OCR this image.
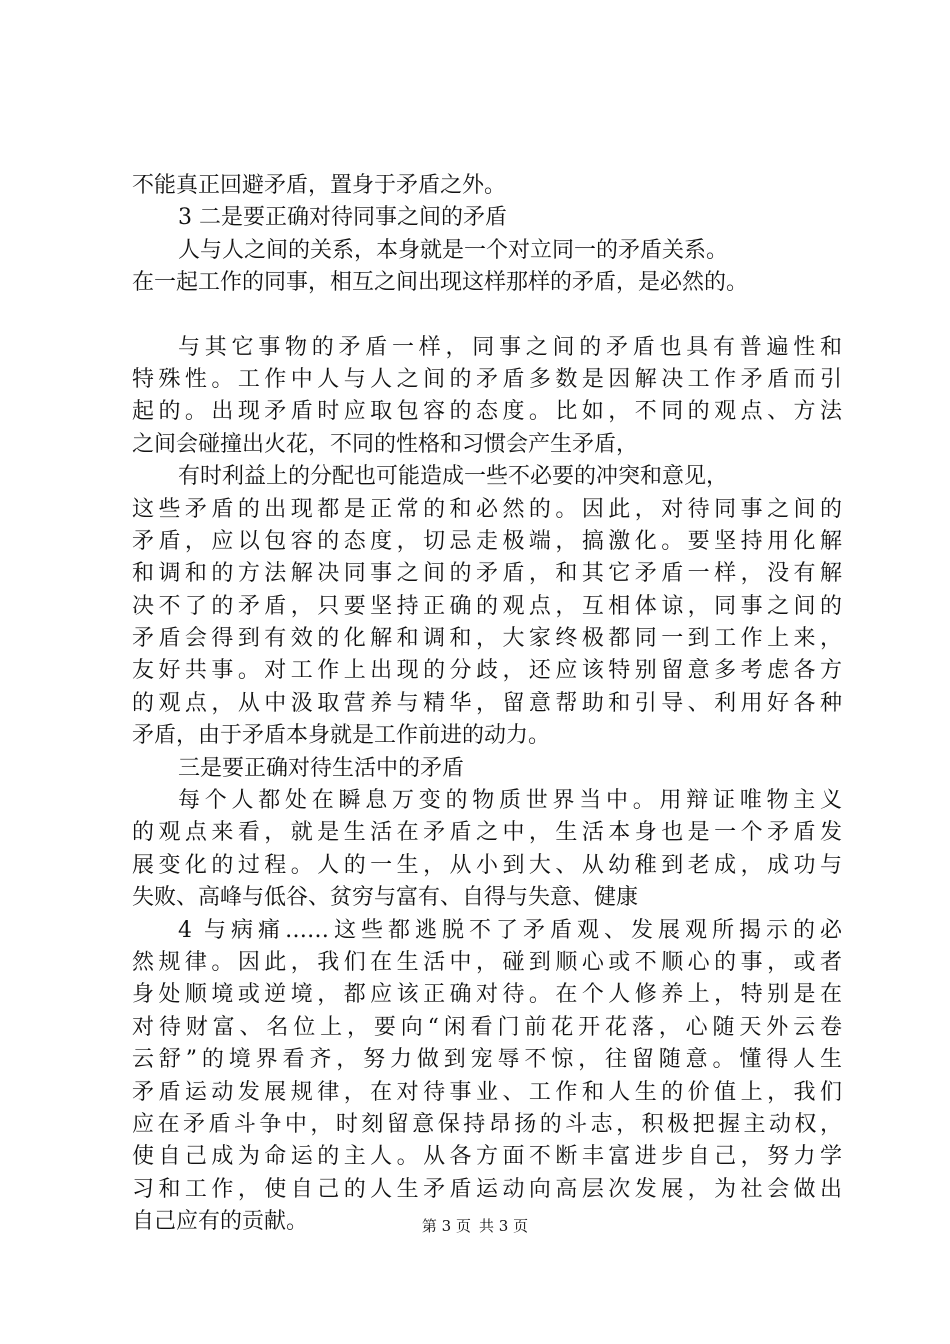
不能真正回避矛盾，置身于矛盾之外。
3 二是要正确对待同事之间的矛盾
人与人之间的关系，本身就是一个对立同一的矛盾关系。
在一起工作的同事，相互之间出现这样那样的矛盾，是必然的。
与其它事物的矛盾一样，同事之间的矛盾也具有普遍性和
特殊性。工作中人与人之间的矛盾多数是因解决工作矛盾而引
起的。出现矛盾时应取包容的态度。比如，不同的观点、方法
之间会碰撞出火花，不同的性格和习惯会产生矛盾，
有时利益上的分配也可能造成一些不必要的冲突和意见，
这些矛盾的出现都是正常的和必然的。因此，对待同事之间的
矛盾，应以包容的态度，切忌走极端，搞激化。要坚持用化解
和调和的方法解决同事之间的矛盾，和其它矛盾一样，没有解
决不了的矛盾，只要坚持正确的观点，互相体谅，同事之间的
矛盾会得到有效的化解和调和，大家终极都同一到工作上来，
友好共事。对工作上出现的分歧，还应该特别留意多考虑各方
的观点，从中汲取营养与精华，留意帮助和引导、利用好各种
矛盾，由于矛盾本身就是工作前进的动力。
三是要正确对待生活中的矛盾
每个人都处在瞬息万变的物质世界当中。用辩证唯物主义
的观点来看，就是生活在矛盾之中，生活本身也是一个矛盾发
展变化的过程。人的一生，从小到大、从幼稚到老成，成功与
失败、高峰与低谷、贫穷与富有、自得与失意、健康
4 与病痛……这些都逃脱不了矛盾观、发展观所揭示的必
然规律。因此，我们在生活中，碰到顺心或不顺心的事，或者
身处顺境或逆境，都应该正确对待。在个人修养上，特别是在
对待财富、名位上，要向“闲看门前花开花落，心随天外云卷
云舒”的境界看齐，努力做到宠辱不惊，往留随意。懂得人生
矛盾运动发展规律，在对待事业、工作和人生的价值上，我们
应在矛盾斗争中，时刻留意保持昂扬的斗志，积极把握主动权，
使自己成为命运的主人。从各方面不断丰富进步自己，努力学
习和工作，使自己的人生矛盾运动向高层次发展，为社会做出
自己应有的贡献。	第 3 页 共 3 页
